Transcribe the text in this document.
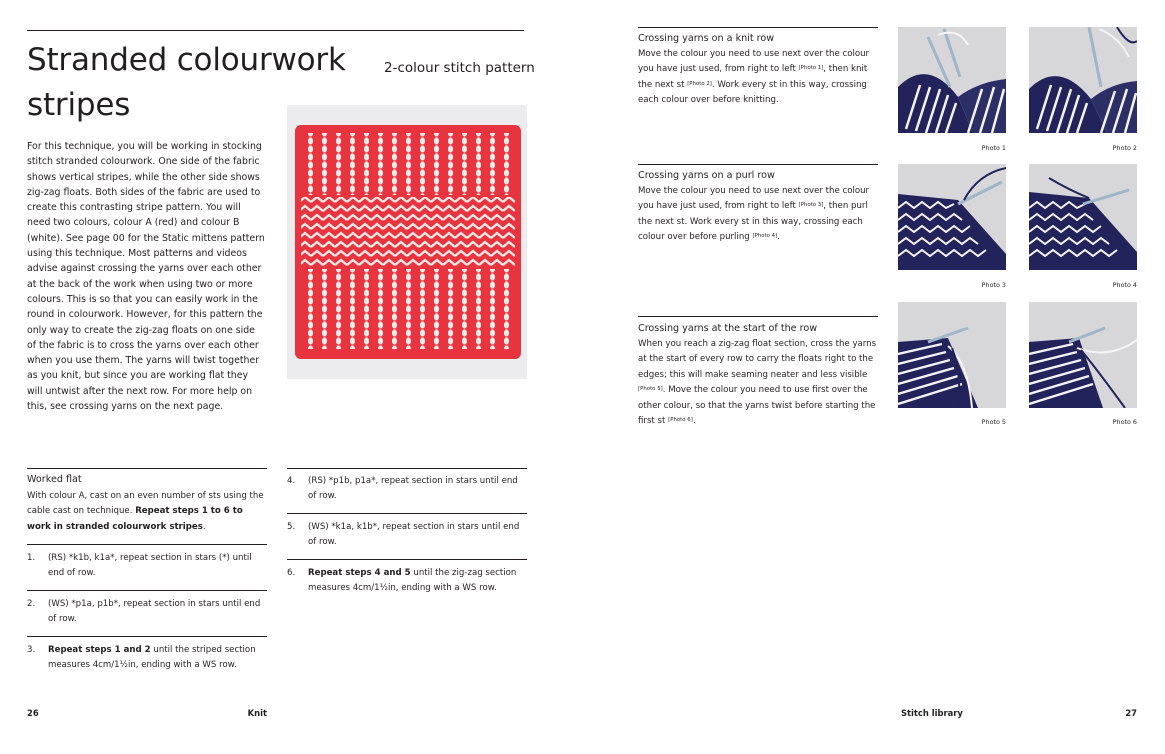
Stranded colourwork stripes
2-colour stitch pattern
For this technique, you will be working in stocking stitch stranded colourwork. One side of the fabric shows vertical stripes, while the other side shows zig-zag floats. Both sides of the fabric are used to create this contrasting stripe pattern. You will need two colours, colour A (red) and colour B (white). See page 00 for the Static mittens pattern using this technique. Most patterns and videos advise against crossing the yarns over each other at the back of the work when using two or more colours. This is so that you can easily work in the round in colourwork. However, for this pattern the only way to create the zig-zag floats on one side of the fabric is to cross the yarns over each other when you use them. The yarns will twist together as you knit, but since you are working flat they will untwist after the next row. For more help on this, see crossing yarns on the next page.
Worked flat
With colour A, cast on an even number of sts using the cable cast on technique. Repeat steps 1 to 6 to work in stranded colourwork stripes.
1.	(RS) *k1b, k1a*, repeat section in stars (*) until end of row.
2.	(WS) *p1a, p1b*, repeat section in stars until end of row.
3.	Repeat steps 1 and 2 until the striped section measures 4cm/1½in, ending with a WS row.
4.	(RS) *p1b, p1a*, repeat section in stars until end of row.
5.	(WS) *k1a, k1b*, repeat section in stars until end of row.
6.	Repeat steps 4 and 5 until the zig-zag section measures 4cm/1½in, ending with a WS row.
26	Knit
Crossing yarns on a knit row
Move the colour you need to use next over the colour you have just used, from right to left [Photo 1], then knit the next st [Photo 2]. Work every st in this way, crossing each colour over before knitting.
Crossing yarns on a purl row
Move the colour you need to use next over the colour you have just used, from right to left [Photo 3], then purl the next st. Work every st in this way, crossing each colour over before purling [Photo 4].
Crossing yarns at the start of the row
When you reach a zig-zag float section, cross the yarns at the start of every row to carry the floats right to the edges; this will make seaming neater and less visible [Photo 5]. Move the colour you need to use first over the other colour, so that the yarns twist before starting the first st [Photo 6].
Photo 1	Photo 2
Photo 3	Photo 4
Photo 5	Photo 6
Stitch library	27
